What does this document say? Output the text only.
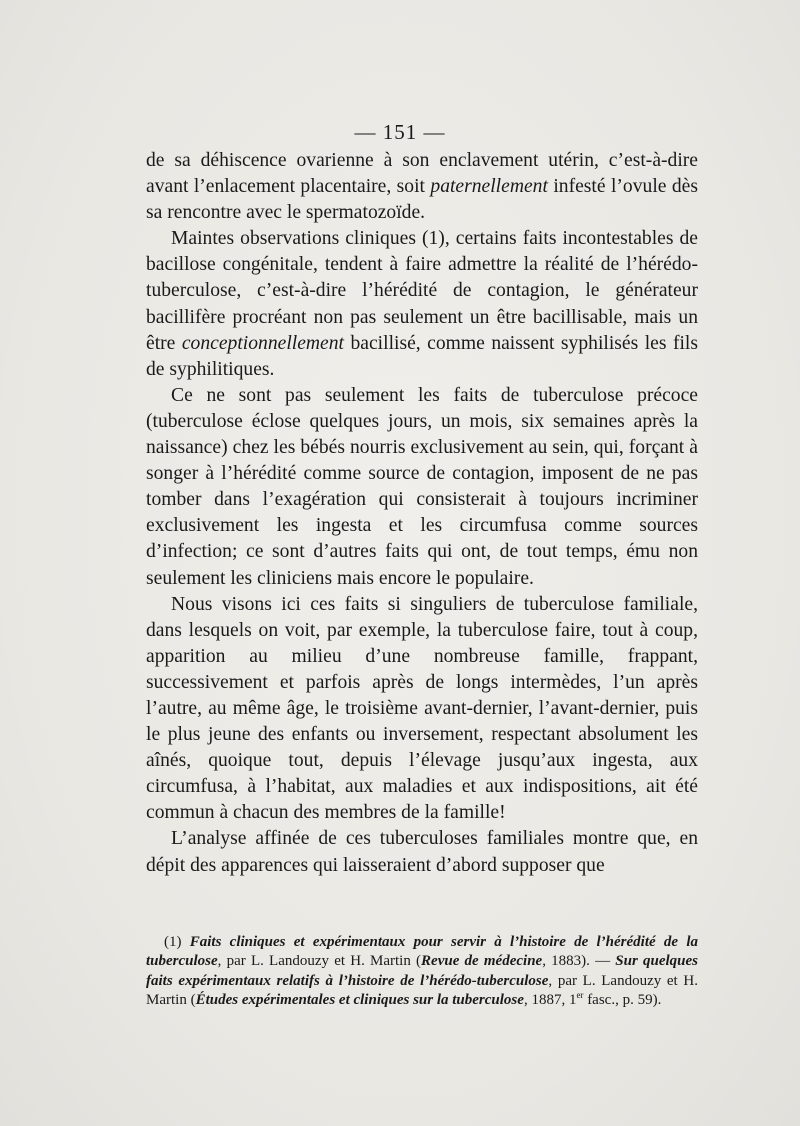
— 151 —

de sa déhiscence ovarienne à son enclavement utérin, c’est-à-dire avant l’enlacement placentaire, soit paternellement infesté l’ovule dès sa rencontre avec le spermatozoïde.

Maintes observations cliniques (1), certains faits incontestables de bacillose congénitale, tendent à faire admettre la réalité de l’hérédo-tuberculose, c’est-à-dire l’hérédité de contagion, le générateur bacillifère procréant non pas seulement un être bacillisable, mais un être conceptionnellement bacillisé, comme naissent syphilisés les fils de syphilitiques.

Ce ne sont pas seulement les faits de tuberculose précoce (tuberculose éclose quelques jours, un mois, six semaines après la naissance) chez les bébés nourris exclusivement au sein, qui, forçant à songer à l’hérédité comme source de contagion, imposent de ne pas tomber dans l’exagération qui consisterait à toujours incriminer exclusivement les ingesta et les circumfusa comme sources d’infection; ce sont d’autres faits qui ont, de tout temps, ému non seulement les cliniciens mais encore le populaire.

Nous visons ici ces faits si singuliers de tuberculose familiale, dans lesquels on voit, par exemple, la tuberculose faire, tout à coup, apparition au milieu d’une nombreuse famille, frappant, successivement et parfois après de longs intermèdes, l’un après l’autre, au même âge, le troisième avant-dernier, l’avant-dernier, puis le plus jeune des enfants ou inversement, respectant absolument les aînés, quoique tout, depuis l’élevage jusqu’aux ingesta, aux circumfusa, à l’habitat, aux maladies et aux indispositions, ait été commun à chacun des membres de la famille!

L’analyse affinée de ces tuberculoses familiales montre que, en dépit des apparences qui laisseraient d’abord supposer que

(1) Faits cliniques et expérimentaux pour servir à l’histoire de l’hérédité de la tuberculose, par L. Landouzy et H. Martin (Revue de médecine, 1883). — Sur quelques faits expérimentaux relatifs à l’histoire de l’hérédo-tuberculose, par L. Landouzy et H. Martin (Études expérimentales et cliniques sur la tuberculose, 1887, 1er fasc., p. 59).
